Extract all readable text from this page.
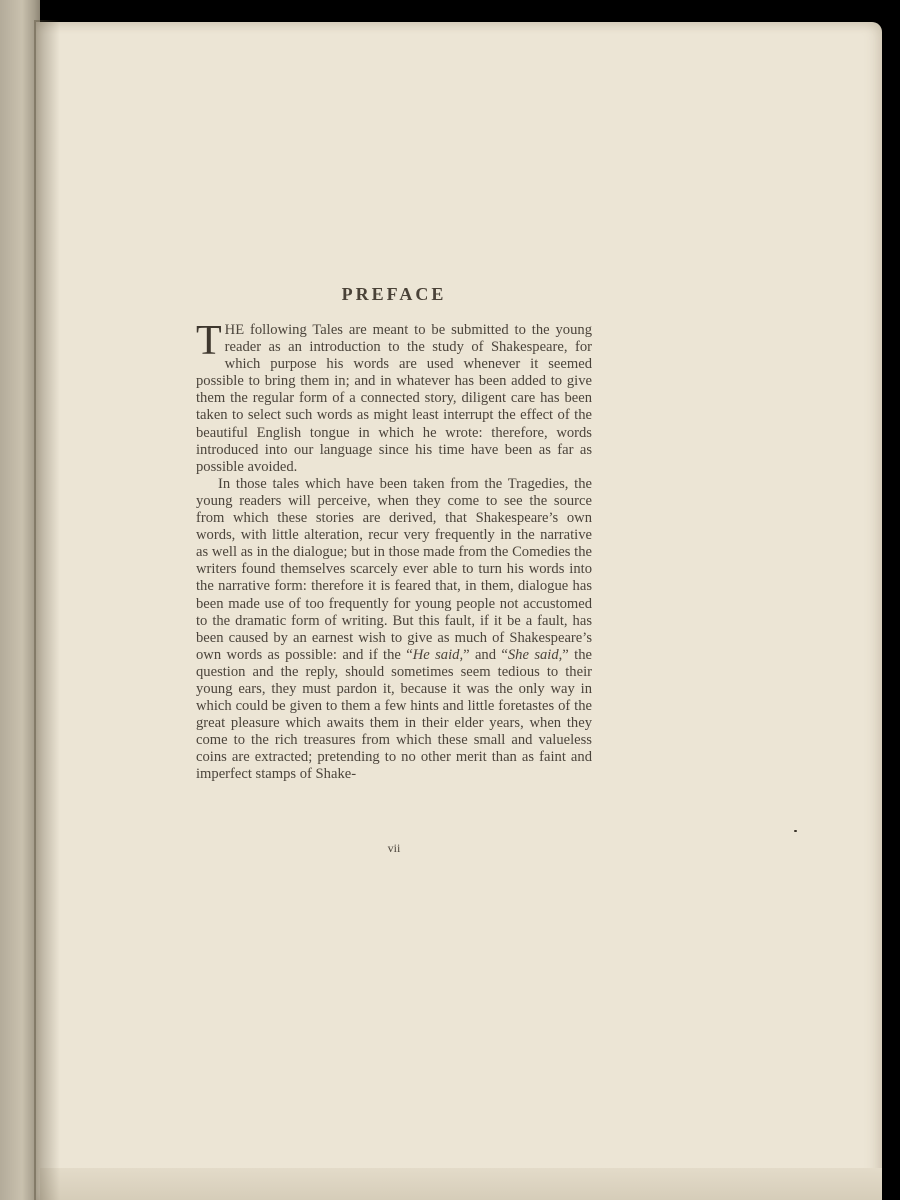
PREFACE

THE following Tales are meant to be submitted to the young reader as an introduction to the study of Shakespeare, for which purpose his words are used whenever it seemed possible to bring them in; and in whatever has been added to give them the regular form of a connected story, diligent care has been taken to select such words as might least interrupt the effect of the beautiful English tongue in which he wrote: therefore, words introduced into our language since his time have been as far as possible avoided.

In those tales which have been taken from the Tragedies, the young readers will perceive, when they come to see the source from which these stories are derived, that Shakespeare’s own words, with little alteration, recur very frequently in the narrative as well as in the dialogue; but in those made from the Comedies the writers found themselves scarcely ever able to turn his words into the narrative form: therefore it is feared that, in them, dialogue has been made use of too frequently for young people not accustomed to the dramatic form of writing. But this fault, if it be a fault, has been caused by an earnest wish to give as much of Shakespeare’s own words as possible: and if the “He said,” and “She said,” the question and the reply, should sometimes seem tedious to their young ears, they must pardon it, because it was the only way in which could be given to them a few hints and little foretastes of the great pleasure which awaits them in their elder years, when they come to the rich treasures from which these small and valueless coins are extracted; pretending to no other merit than as faint and imperfect stamps of Shake-

vii
